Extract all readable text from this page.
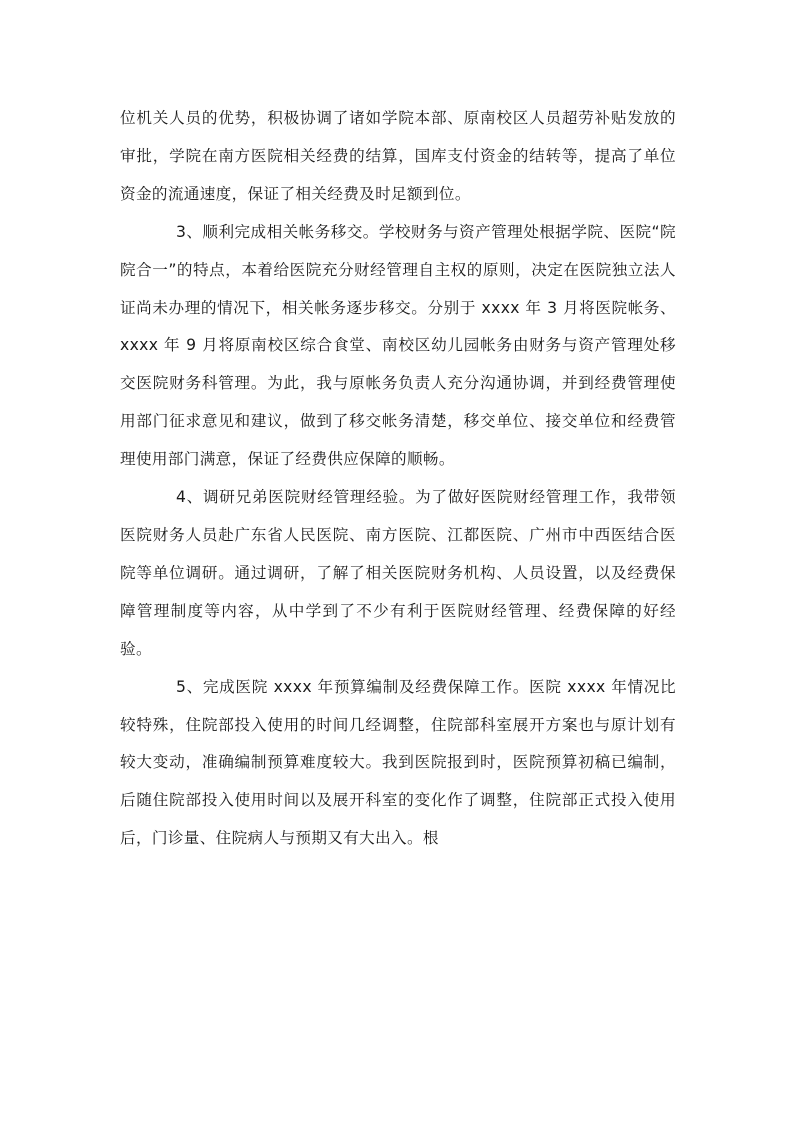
位机关人员的优势，积极协调了诸如学院本部、原南校区人员超劳补贴发放的审批，学院在南方医院相关经费的结算，国库支付资金的结转等，提高了单位资金的流通速度，保证了相关经费及时足额到位。

3、顺利完成相关帐务移交。学校财务与资产管理处根据学院、医院“院院合一”的特点，本着给医院充分财经管理自主权的原则，决定在医院独立法人证尚未办理的情况下，相关帐务逐步移交。分别于 xxxx 年 3 月将医院帐务、xxxx 年 9 月将原南校区综合食堂、南校区幼儿园帐务由财务与资产管理处移交医院财务科管理。为此，我与原帐务负责人充分沟通协调，并到经费管理使用部门征求意见和建议，做到了移交帐务清楚，移交单位、接交单位和经费管理使用部门满意，保证了经费供应保障的顺畅。

4、调研兄弟医院财经管理经验。为了做好医院财经管理工作，我带领医院财务人员赴广东省人民医院、南方医院、江都医院、广州市中西医结合医院等单位调研。通过调研，了解了相关医院财务机构、人员设置，以及经费保障管理制度等内容，从中学到了不少有利于医院财经管理、经费保障的好经验。

5、完成医院 xxxx 年预算编制及经费保障工作。医院 xxxx 年情况比较特殊，住院部投入使用的时间几经调整，住院部科室展开方案也与原计划有较大变动，准确编制预算难度较大。我到医院报到时，医院预算初稿已编制，后随住院部投入使用时间以及展开科室的变化作了调整，住院部正式投入使用后，门诊量、住院病人与预期又有大出入。根
